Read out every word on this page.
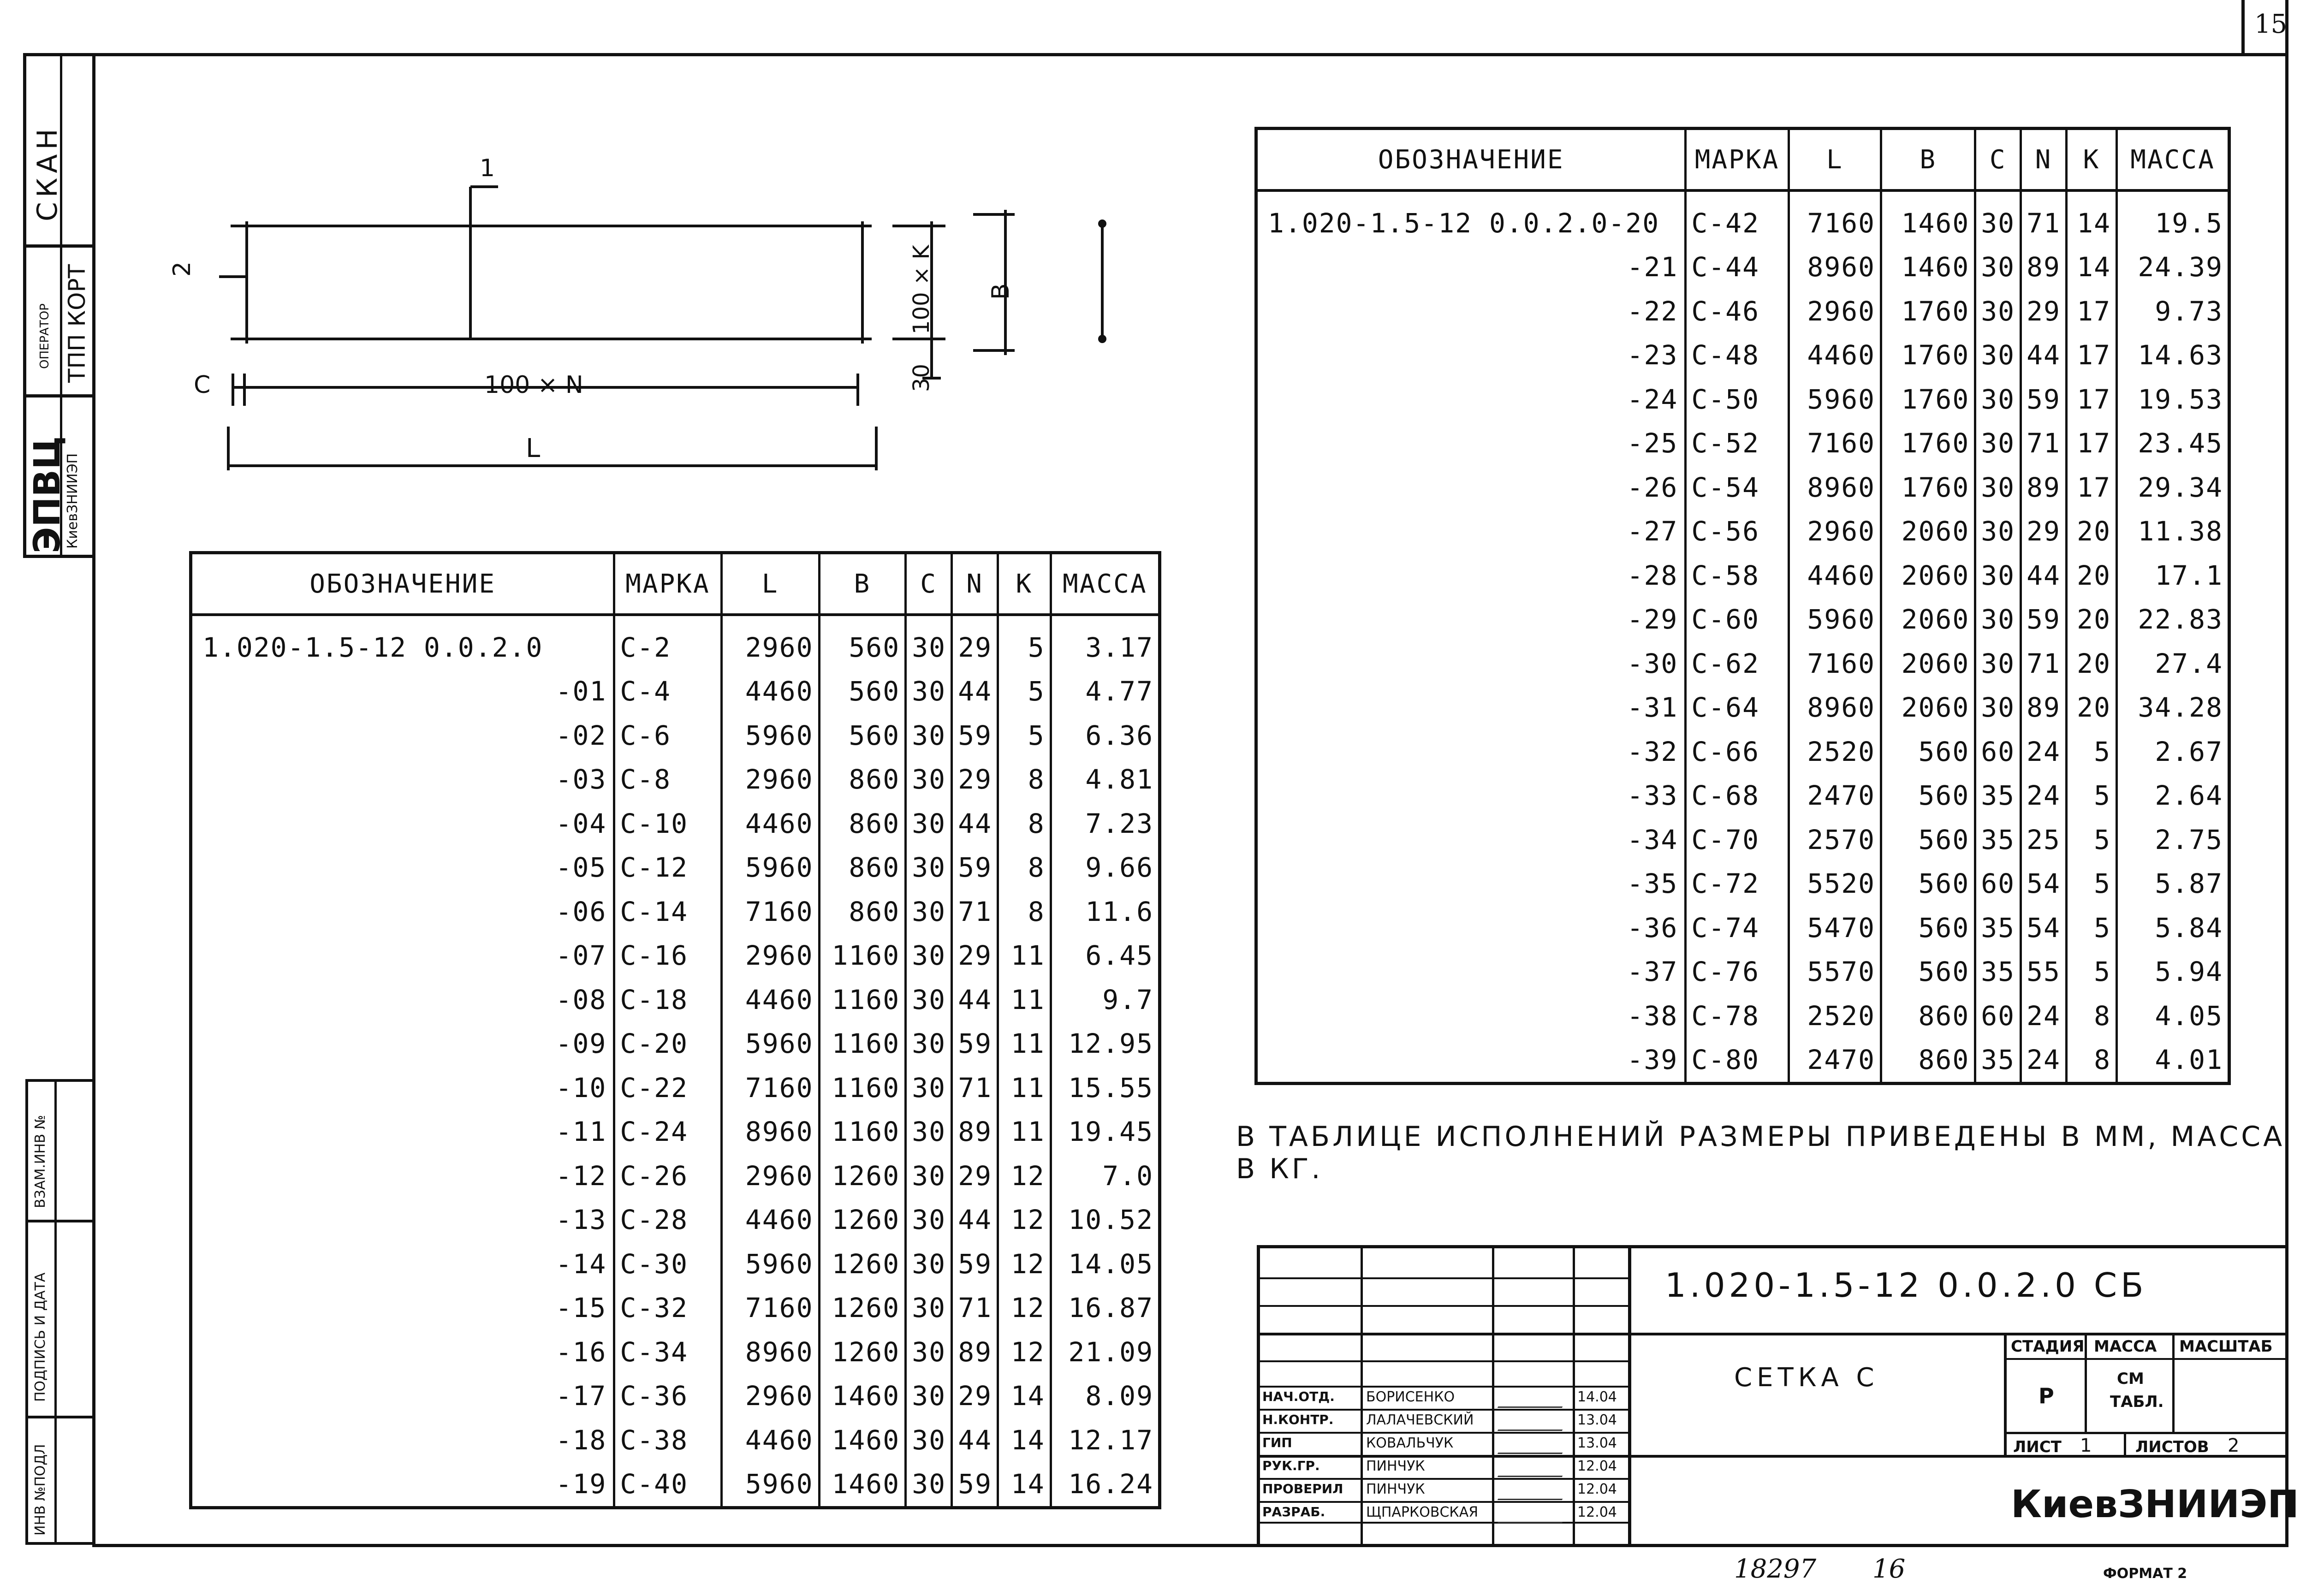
15
ЭПВЦ
КиевЗНИИЭП
ОПЕРАТОР ТПП КОРТ
СКАН
ВЗАМ.ИНВ №
ПОДПИСЬ И ДАТА
ИНВ №ПОДЛ
1
2
C	100 × N
L
100 × K
30
B
ОБОЗНАЧЕНИЕ	МАРКА	L	B	C	N	K	МАССА
1.020-1.5-12 0.0.2.0	C-2	2960	560	30	29	5	3.17
-01	C-4	4460	560	30	44	5	4.77
-02	C-6	5960	560	30	59	5	6.36
-03	C-8	2960	860	30	29	8	4.81
-04	C-10	4460	860	30	44	8	7.23
-05	C-12	5960	860	30	59	8	9.66
-06	C-14	7160	860	30	71	8	11.6
-07	C-16	2960	1160	30	29	11	6.45
-08	C-18	4460	1160	30	44	11	9.7
-09	C-20	5960	1160	30	59	11	12.95
-10	C-22	7160	1160	30	71	11	15.55
-11	C-24	8960	1160	30	89	11	19.45
-12	C-26	2960	1260	30	29	12	7.0
-13	C-28	4460	1260	30	44	12	10.52
-14	C-30	5960	1260	30	59	12	14.05
-15	C-32	7160	1260	30	71	12	16.87
-16	C-34	8960	1260	30	89	12	21.09
-17	C-36	2960	1460	30	29	14	8.09
-18	C-38	4460	1460	30	44	14	12.17
-19	C-40	5960	1460	30	59	14	16.24
ОБОЗНАЧЕНИЕ	МАРКА	L	B	C	N	K	МАССА
1.020-1.5-12 0.0.2.0-20	C-42	7160	1460	30	71	14	19.5
-21	C-44	8960	1460	30	89	14	24.39
-22	C-46	2960	1760	30	29	17	9.73
-23	C-48	4460	1760	30	44	17	14.63
-24	C-50	5960	1760	30	59	17	19.53
-25	C-52	7160	1760	30	71	17	23.45
-26	C-54	8960	1760	30	89	17	29.34
-27	C-56	2960	2060	30	29	20	11.38
-28	C-58	4460	2060	30	44	20	17.1
-29	C-60	5960	2060	30	59	20	22.83
-30	C-62	7160	2060	30	71	20	27.4
-31	C-64	8960	2060	30	89	20	34.28
-32	C-66	2520	560	60	24	5	2.67
-33	C-68	2470	560	35	24	5	2.64
-34	C-70	2570	560	35	25	5	2.75
-35	C-72	5520	560	60	54	5	5.87
-36	C-74	5470	560	35	54	5	5.84
-37	C-76	5570	560	35	55	5	5.94
-38	C-78	2520	860	60	24	8	4.05
-39	C-80	2470	860	35	24	8	4.01
В ТАБЛИЦЕ ИСПОЛНЕНИЙ РАЗМЕРЫ ПРИВЕДЕНЫ В ММ, МАССА В КГ.
1.020-1.5-12 0.0.2.0 СБ
СЕТКА С
СТАДИЯ МАССА МАСШТАБ
Р
СМ
ТАБЛ.
ЛИСТ 1	ЛИСТОВ 2
КиевЗНИИЭП
НАЧ.ОТД. БОРИСЕНКО	14.04
Н.КОНТР. ЛАЛАЧЕВСКИЙ	13.04
ГИП	КОВАЛЬЧУК	13.04
РУК.ГР.	ПИНЧУК	12.04
ПРОВЕРИЛ ПИНЧУК	12.04
РАЗРАБ.	ЩПАРКОВСКАЯ	12.04
18297 16	ФОРМАТ 2
